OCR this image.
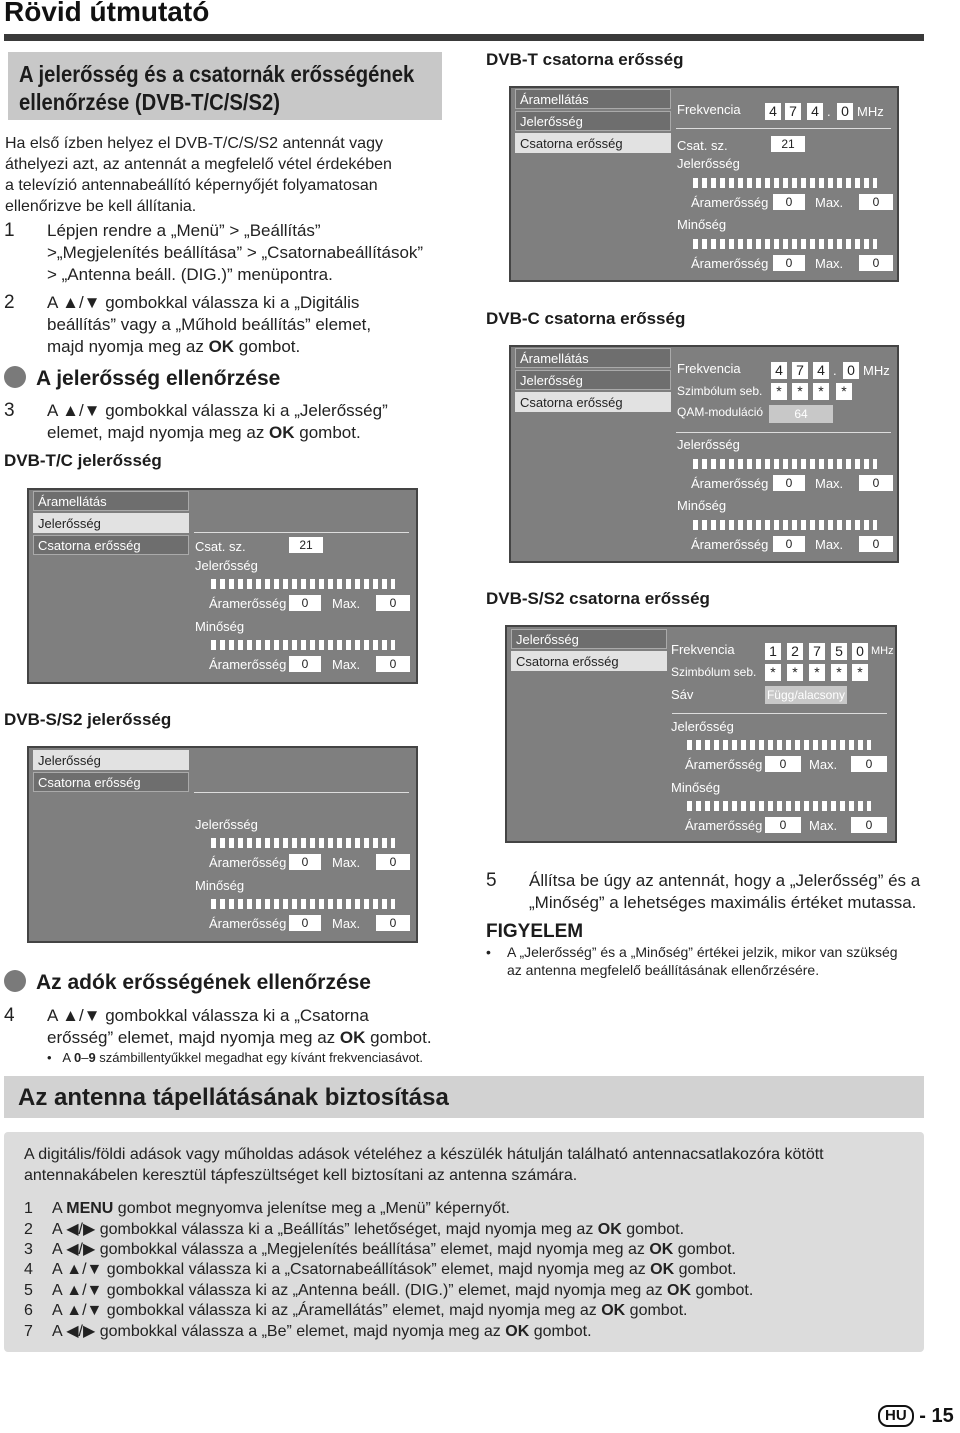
Rövid útmutató
A jelerősség és a csatornák erősségének
ellenőrzése (DVB-T/C/S/S2)
Ha első ízben helyez el DVB-T/C/S/S2 antennát vagy
áthelyezi azt, az antennát a megfelelő vétel érdekében
a televízió antennabeállító képernyőjét folyamatosan
ellenőrizve be kell állítania.
1 Lépjen rendre a „Menü” > „Beállítás”
>„Megjelenítés beállítása” > „Csatornabeállítások”
> „Antenna beáll. (DIG.)” menüpontra.
2 A ▲/▼ gombokkal válassza ki a „Digitális
beállítás” vagy a „Műhold beállítás” elemet,
majd nyomja meg az OK gombot.
A jelerősség ellenőrzése
3 A ▲/▼ gombokkal válassza ki a „Jelerősség”
elemet, majd nyomja meg az OK gombot.
DVB-T/C jelerősség
Áramellátás
Jelerősség
Csatorna erősség	Csat. sz.	21
Jelerősség
Áramerősség	0	Max.	0
Minőség
Áramerősség	0	Max.	0
DVB-S/S2 jelerősség
Jelerősség
Csatorna erősség
Jelerősség
Áramerősség	0	Max.	0
Minőség
Áramerősség	0	Max.	0
Az adók erősségének ellenőrzése
4 A ▲/▼ gombokkal válassza ki a „Csatorna
erősség” elemet, majd nyomja meg az OK gombot.
• A 0–9 számbillentyűkkel megadhat egy kívánt frekvenciasávot.
DVB-T csatorna erősség
Áramellátás
Jelerősség
Csatorna erősség
Frekvencia 4 7 4 . 0 MHz
Csat. sz.	21
Jelerősség
Áramerősség	0	Max.	0
Minőség
Áramerősség	0	Max.	0
DVB-C csatorna erősség
Áramellátás
Jelerősség
Csatorna erősség
Frekvencia 4 7 4 . 0 MHz
Szimbólum seb. *	*	*	*
QAM-moduláció	64
Jelerősség
Áramerősség	0	Max.	0
Minőség
Áramerősség	0	Max.	0
DVB-S/S2 csatorna erősség
Jelerősség
Csatorna erősség
Frekvencia 1 2 7 5 0 MHz
Szimbólum seb. *	*	*	*	*
Sáv	Függ/alacsony
Jelerősség
Áramerősség	0	Max.	0
Minőség
Áramerősség	0	Max.	0
5 Állítsa be úgy az antennát, hogy a „Jelerősség” és a
„Minőség” a lehetséges maximális értéket mutassa.
FIGYELEM
• A „Jelerősség” és a „Minőség” értékei jelzik, mikor van szükség
az antenna megfelelő beállításának ellenőrzésére.
Az antenna tápellátásának biztosítása
A digitális/földi adások vagy műholdas adások vételéhez a készülék hátulján található antennacsatlakozóra kötött
antennakábelen keresztül tápfeszültséget kell biztosítani az antenna számára.
1 A MENU gombot megnyomva jelenítse meg a „Menü” képernyőt.
2 A ◀/▶ gombokkal válassza ki a „Beállítás” lehetőséget, majd nyomja meg az OK gombot.
3 A ◀/▶ gombokkal válassza a „Megjelenítés beállítása” elemet, majd nyomja meg az OK gombot.
4 A ▲/▼ gombokkal válassza ki a „Csatornabeállítások” elemet, majd nyomja meg az OK gombot.
5 A ▲/▼ gombokkal válassza ki az „Antenna beáll. (DIG.)” elemet, majd nyomja meg az OK gombot.
6 A ▲/▼ gombokkal válassza ki az „Áramellátás” elemet, majd nyomja meg az OK gombot.
7 A ◀/▶ gombokkal válassza a „Be” elemet, majd nyomja meg az OK gombot.
HU - 15
